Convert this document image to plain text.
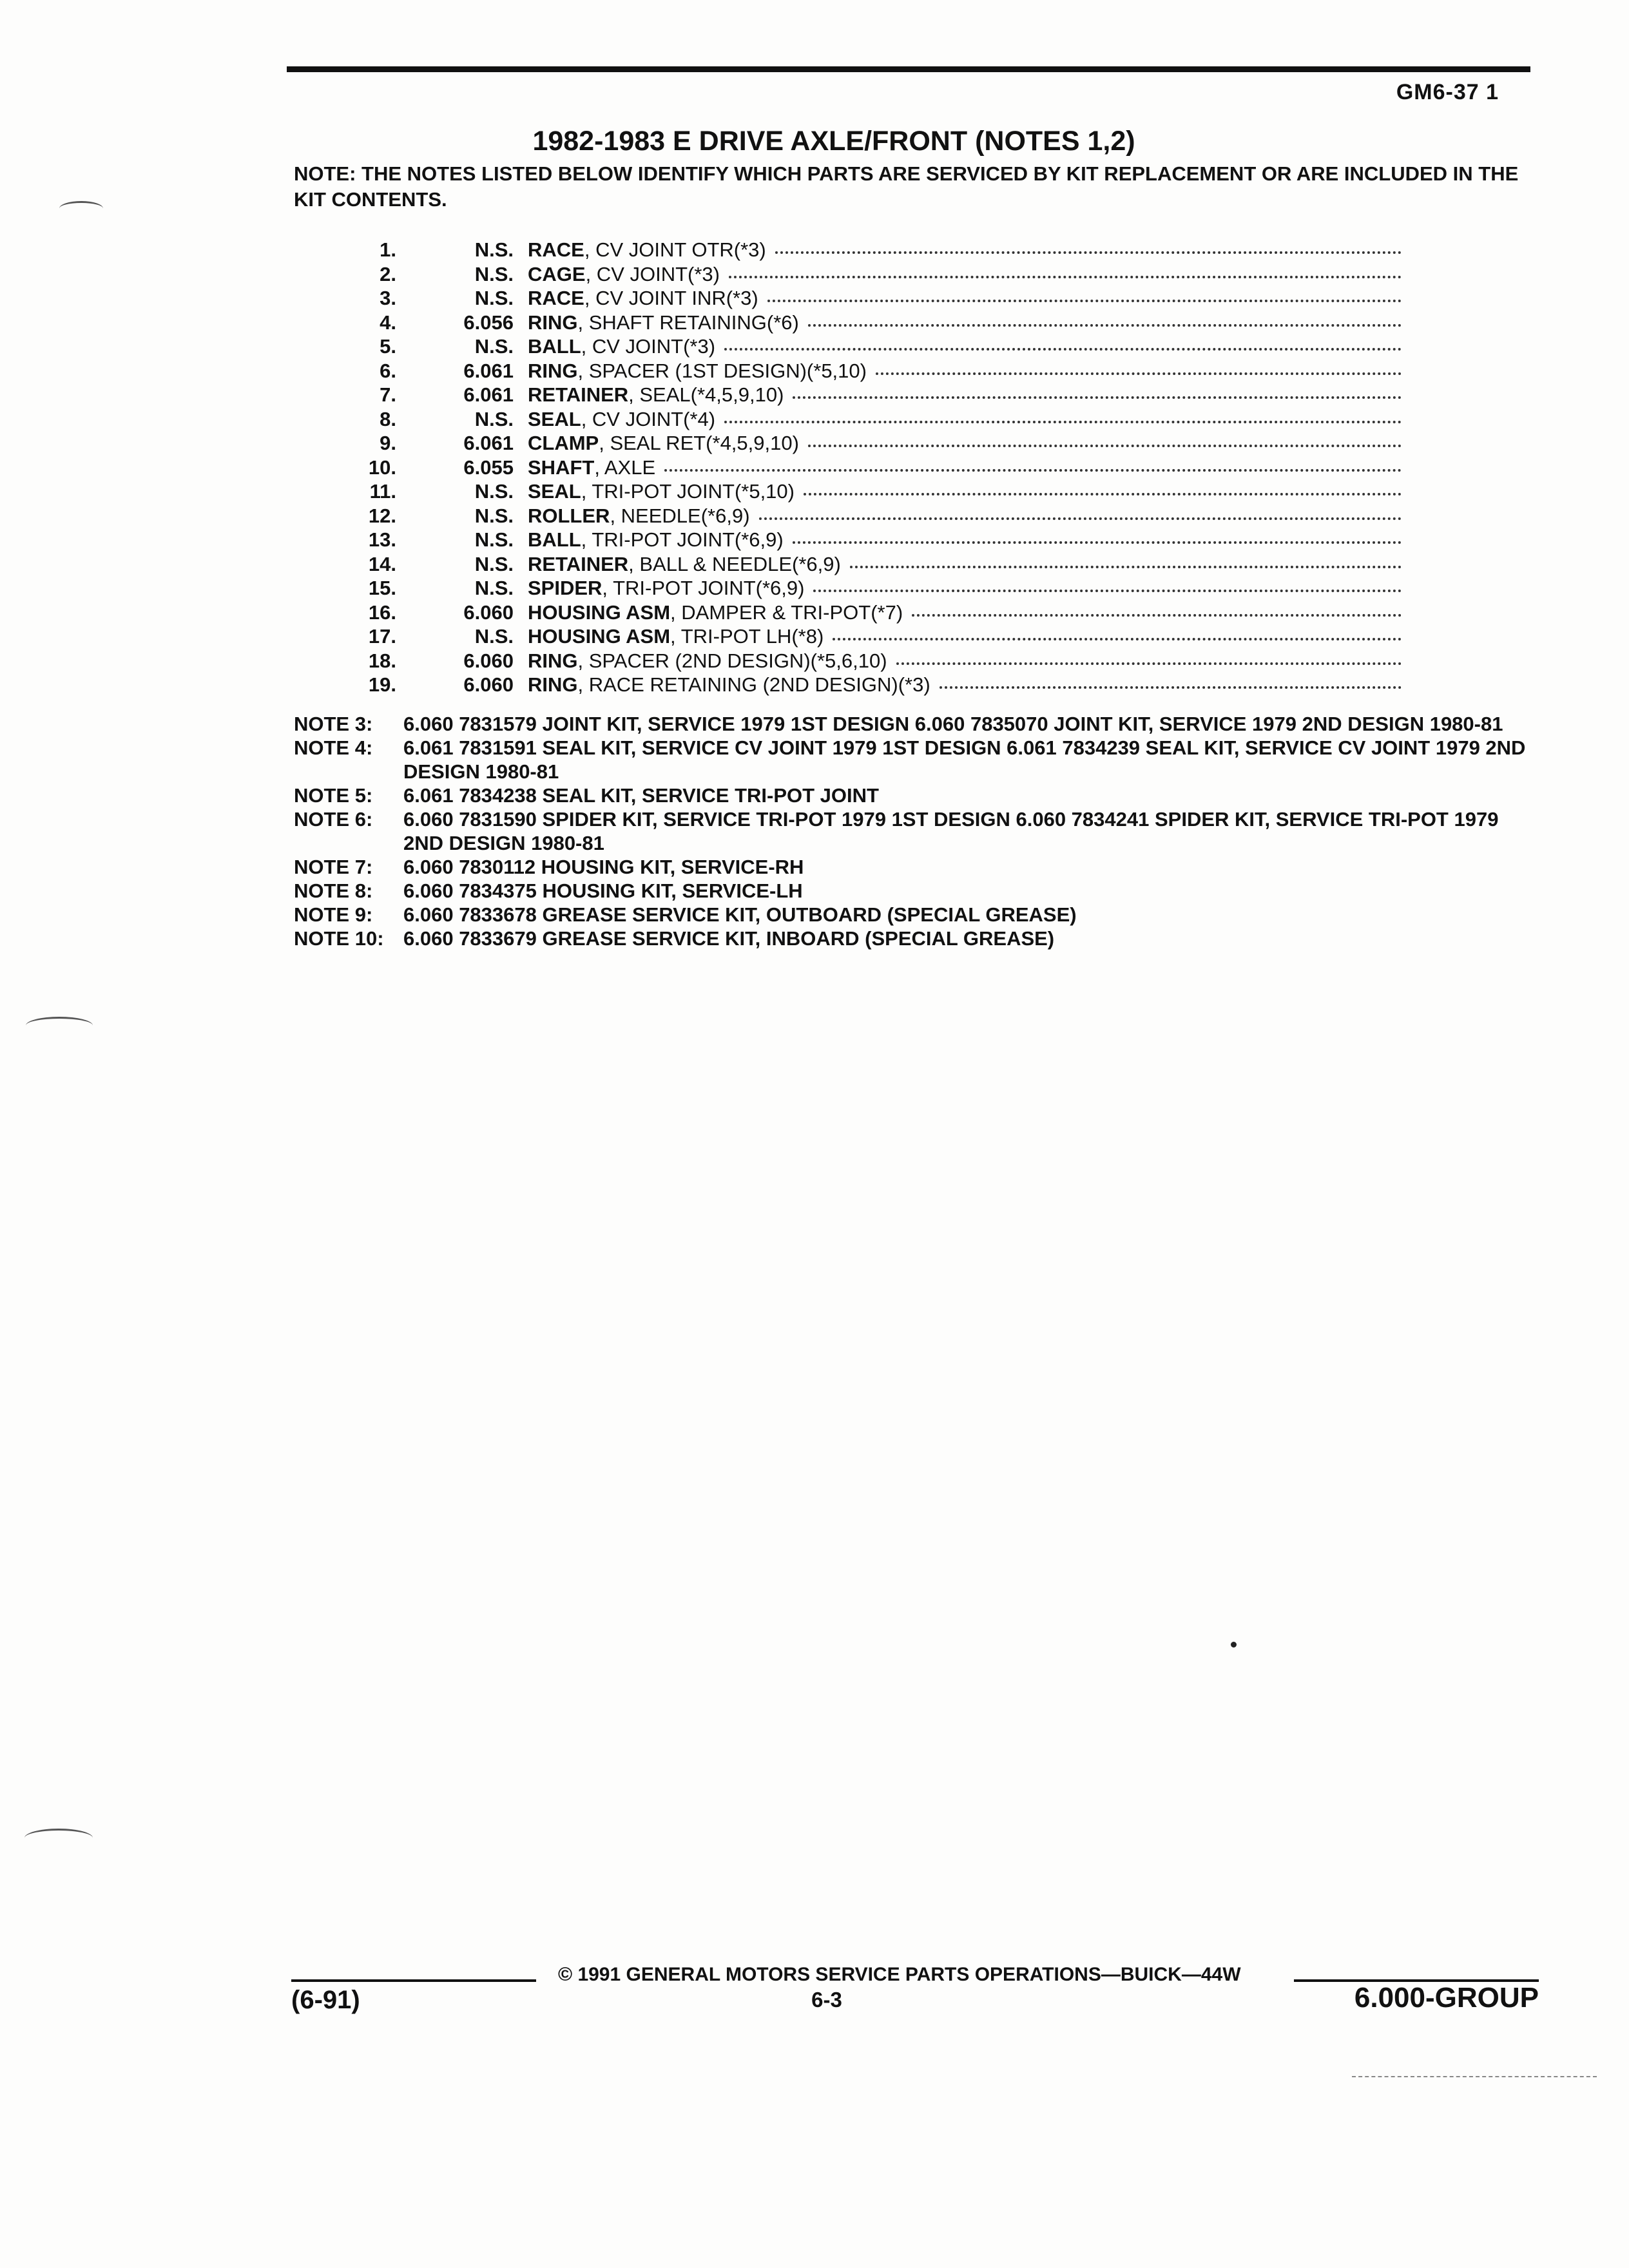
GM6-37 1
1982-1983 E DRIVE AXLE/FRONT (NOTES 1,2)
NOTE: THE NOTES LISTED BELOW IDENTIFY WHICH PARTS ARE SERVICED BY KIT REPLACEMENT OR ARE INCLUDED IN THE KIT CONTENTS.
1.	N.S. RACE, CV JOINT OTR(*3)
2.	N.S. CAGE, CV JOINT(*3)
3.	N.S. RACE, CV JOINT INR(*3)
4.	6.056 RING, SHAFT RETAINING(*6)
5.	N.S. BALL, CV JOINT(*3)
6.	6.061 RING, SPACER (1ST DESIGN)(*5,10)
7.	6.061 RETAINER, SEAL(*4,5,9,10)
8.	N.S. SEAL, CV JOINT(*4)
9.	6.061 CLAMP, SEAL RET(*4,5,9,10)
10.	6.055 SHAFT, AXLE
11.	N.S. SEAL, TRI-POT JOINT(*5,10)
12.	N.S. ROLLER, NEEDLE(*6,9)
13.	N.S. BALL, TRI-POT JOINT(*6,9)
14.	N.S. RETAINER, BALL & NEEDLE(*6,9)
15.	N.S. SPIDER, TRI-POT JOINT(*6,9)
16.	6.060 HOUSING ASM, DAMPER & TRI-POT(*7)
17.	N.S. HOUSING ASM, TRI-POT LH(*8)
18.	6.060 RING, SPACER (2ND DESIGN)(*5,6,10)
19.	6.060 RING, RACE RETAINING (2ND DESIGN)(*3)
NOTE 3:	6.060 7831579 JOINT KIT, SERVICE 1979 1ST DESIGN 6.060 7835070 JOINT KIT, SERVICE 1979 2ND DESIGN 1980-81
NOTE 4:	6.061 7831591 SEAL KIT, SERVICE CV JOINT 1979 1ST DESIGN 6.061 7834239 SEAL KIT, SERVICE CV JOINT 1979 2ND DESIGN 1980-81
NOTE 5:	6.061 7834238 SEAL KIT, SERVICE TRI-POT JOINT
NOTE 6:	6.060 7831590 SPIDER KIT, SERVICE TRI-POT 1979 1ST DESIGN 6.060 7834241 SPIDER KIT, SERVICE TRI-POT 1979 2ND DESIGN 1980-81
NOTE 7:	6.060 7830112 HOUSING KIT, SERVICE-RH
NOTE 8:	6.060 7834375 HOUSING KIT, SERVICE-LH
NOTE 9:	6.060 7833678 GREASE SERVICE KIT, OUTBOARD (SPECIAL GREASE)
NOTE 10: 6.060 7833679 GREASE SERVICE KIT, INBOARD (SPECIAL GREASE)
© 1991 GENERAL MOTORS SERVICE PARTS OPERATIONS—BUICK—44W
(6-91)	6-3	6.000-GROUP
